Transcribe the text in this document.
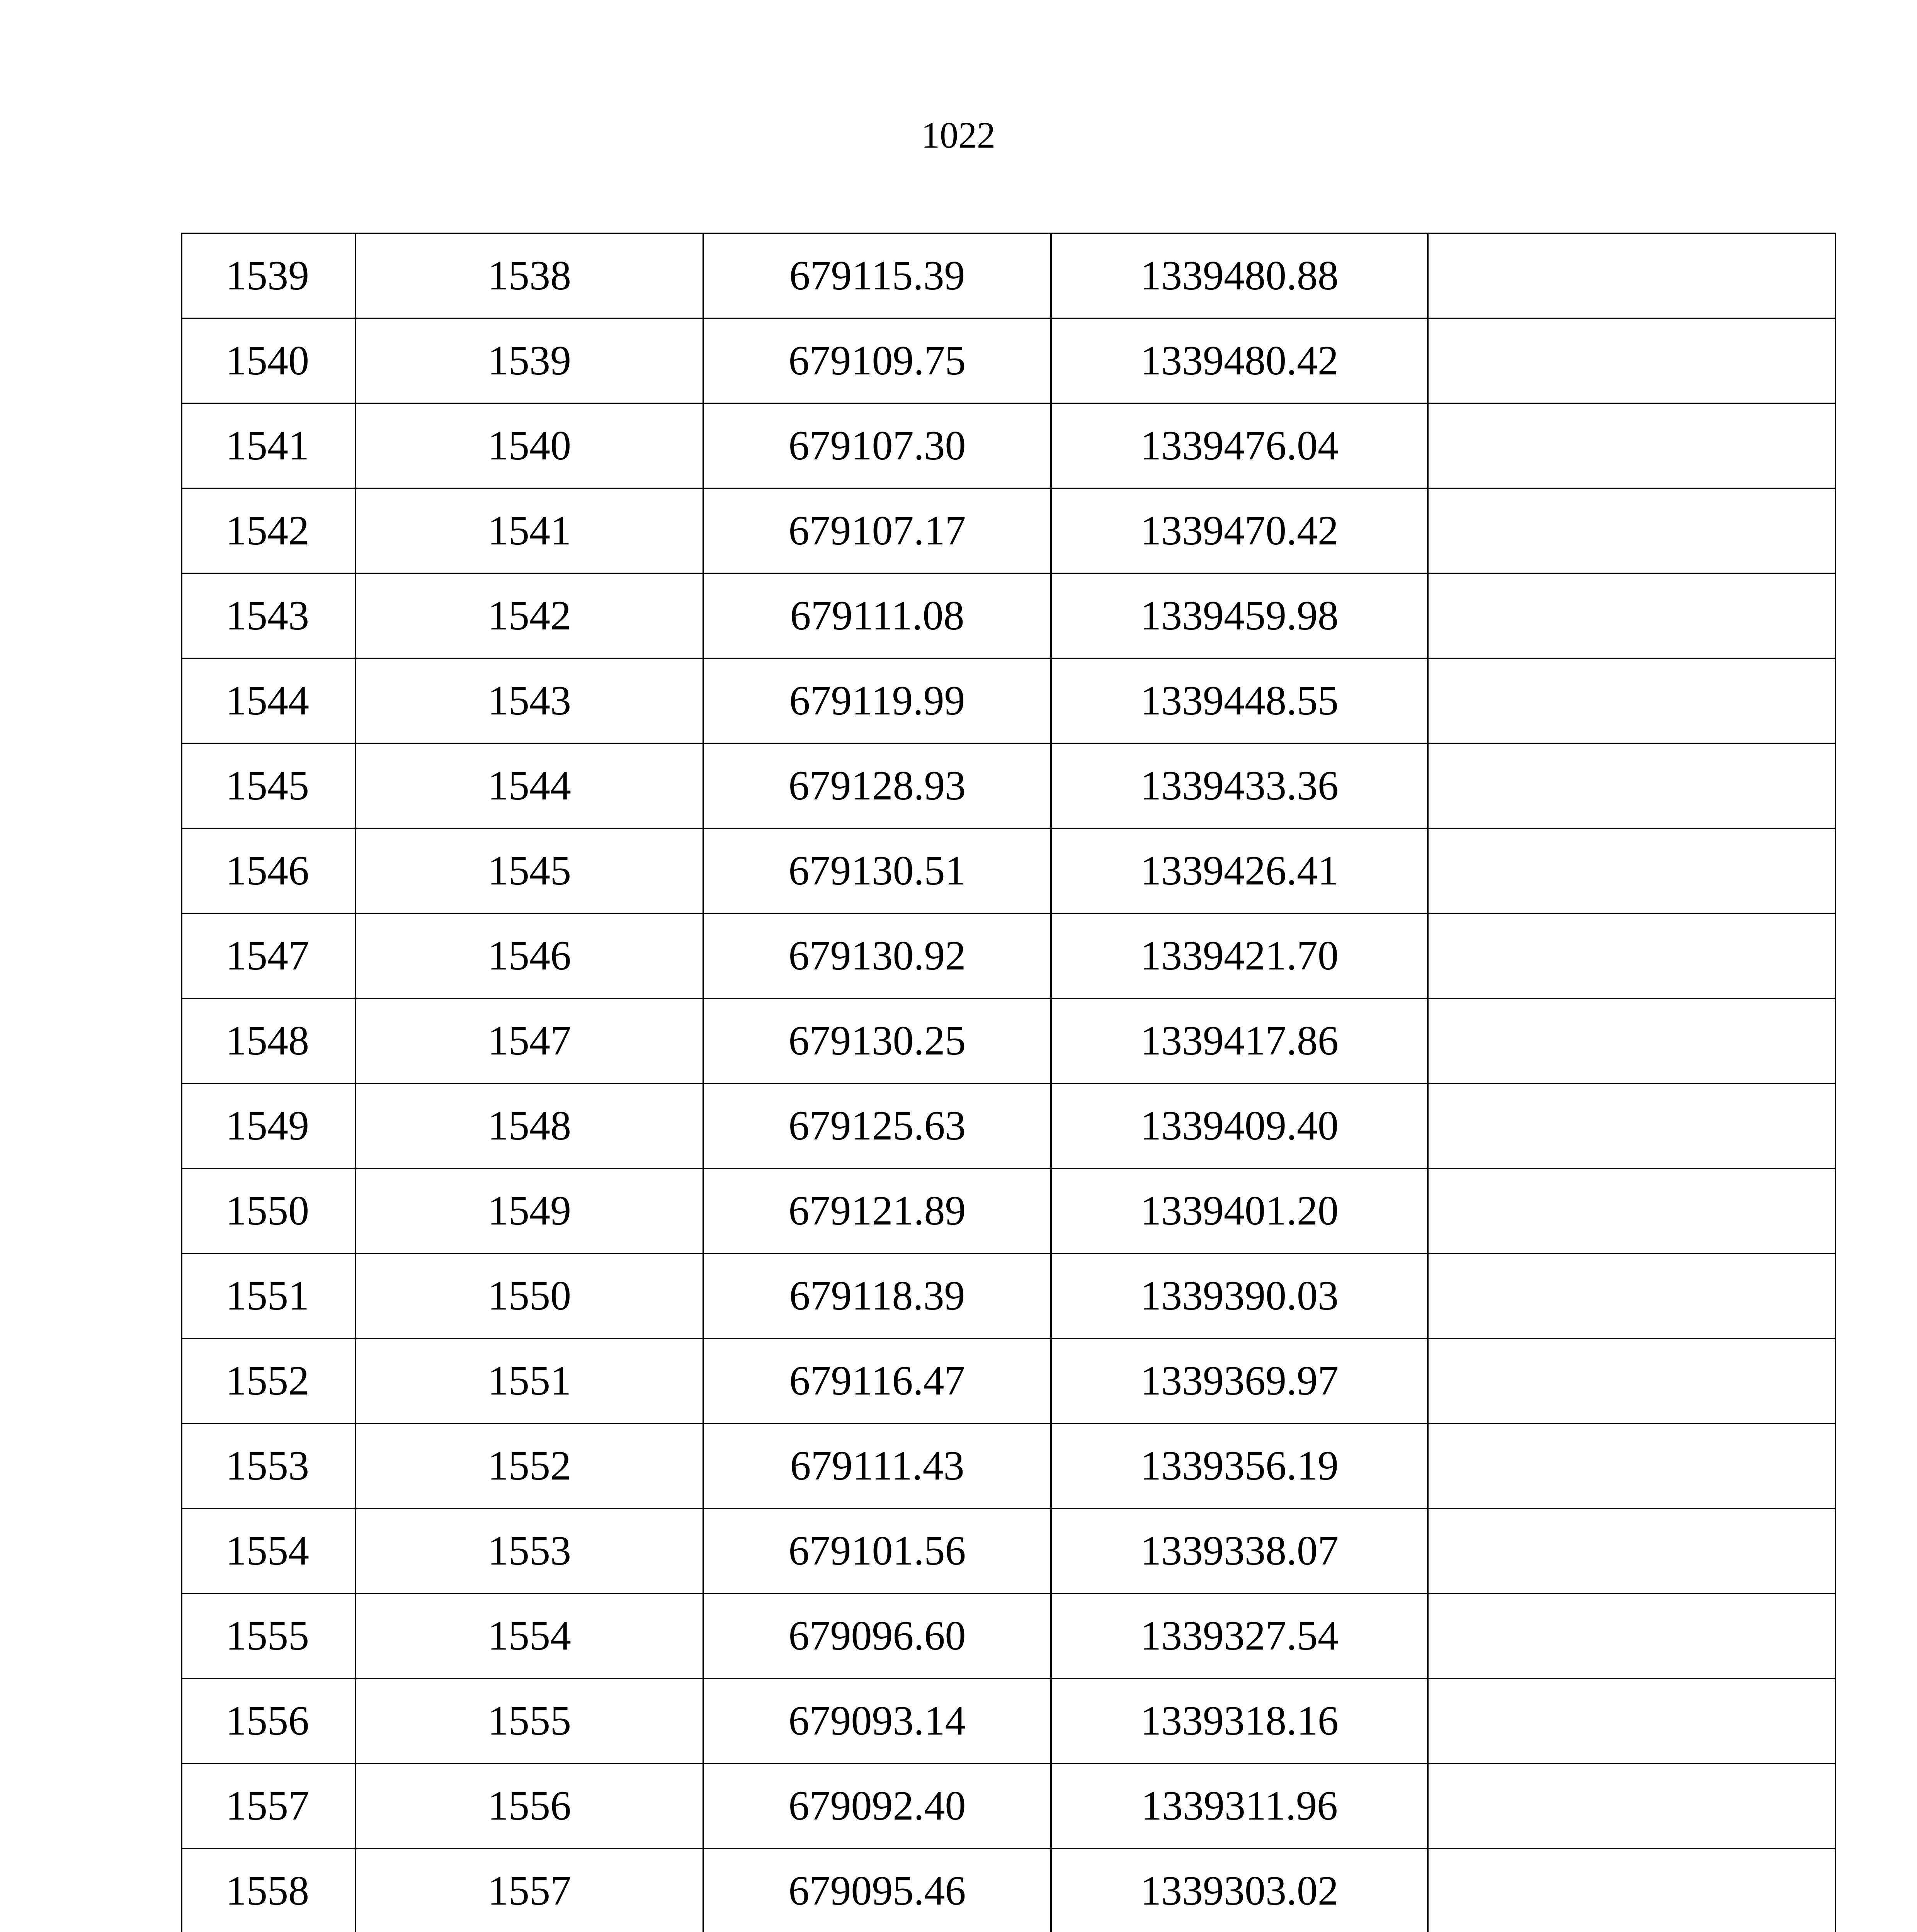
1022
1539	1538	679115.39	1339480.88	
1540	1539	679109.75	1339480.42	
1541	1540	679107.30	1339476.04	
1542	1541	679107.17	1339470.42	
1543	1542	679111.08	1339459.98	
1544	1543	679119.99	1339448.55	
1545	1544	679128.93	1339433.36	
1546	1545	679130.51	1339426.41	
1547	1546	679130.92	1339421.70	
1548	1547	679130.25	1339417.86	
1549	1548	679125.63	1339409.40	
1550	1549	679121.89	1339401.20	
1551	1550	679118.39	1339390.03	
1552	1551	679116.47	1339369.97	
1553	1552	679111.43	1339356.19	
1554	1553	679101.56	1339338.07	
1555	1554	679096.60	1339327.54	
1556	1555	679093.14	1339318.16	
1557	1556	679092.40	1339311.96	
1558	1557	679095.46	1339303.02	
